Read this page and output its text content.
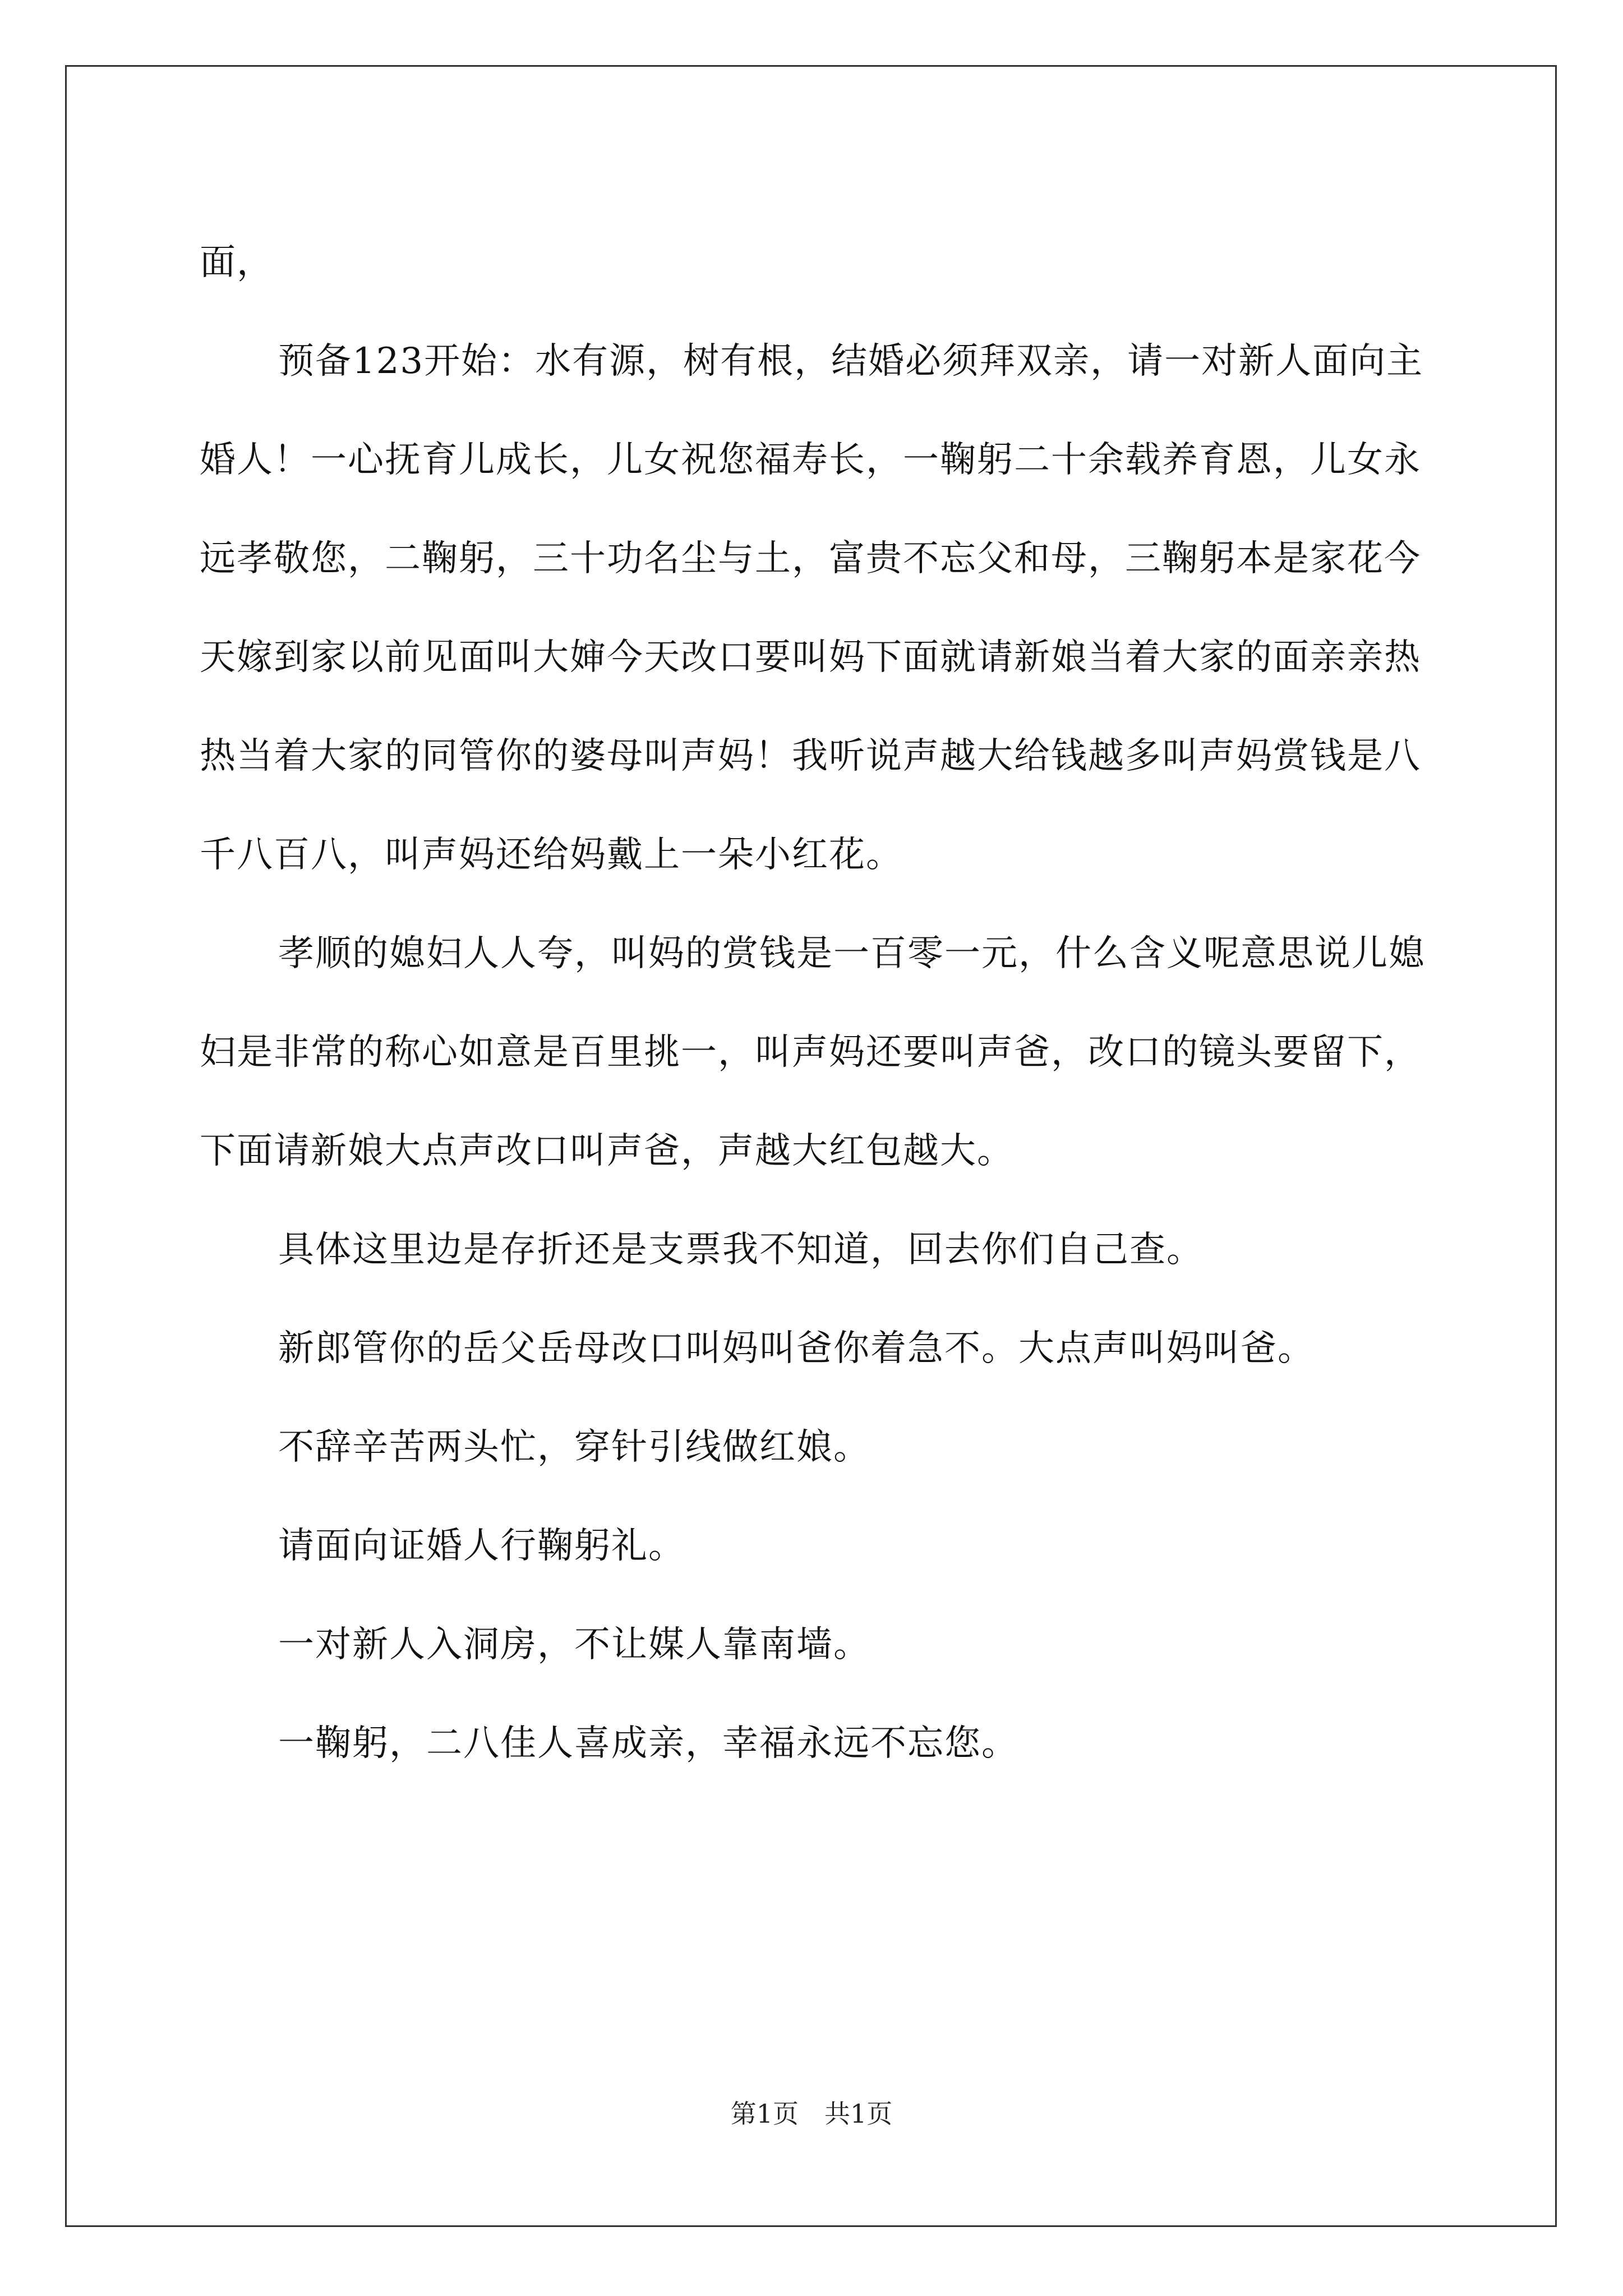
面，

预备123开始：水有源，树有根，结婚必须拜双亲，请一对新人面向主婚人！一心抚育儿成长，儿女祝您福寿长，一鞠躬二十余载养育恩，儿女永远孝敬您，二鞠躬，三十功名尘与土，富贵不忘父和母，三鞠躬本是家花今天嫁到家以前见面叫大婶今天改口要叫妈下面就请新娘当着大家的面亲亲热热当着大家的同管你的婆母叫声妈！我听说声越大给钱越多叫声妈赏钱是八千八百八，叫声妈还给妈戴上一朵小红花。

孝顺的媳妇人人夸，叫妈的赏钱是一百零一元，什么含义呢意思说儿媳妇是非常的称心如意是百里挑一，叫声妈还要叫声爸，改口的镜头要留下，下面请新娘大点声改口叫声爸，声越大红包越大。

具体这里边是存折还是支票我不知道，回去你们自己查。

新郎管你的岳父岳母改口叫妈叫爸你着急不。大点声叫妈叫爸。

不辞辛苦两头忙，穿针引线做红娘。

请面向证婚人行鞠躬礼。

一对新人入洞房，不让媒人靠南墙。

一鞠躬，二八佳人喜成亲，幸福永远不忘您。

第1页 共1页
